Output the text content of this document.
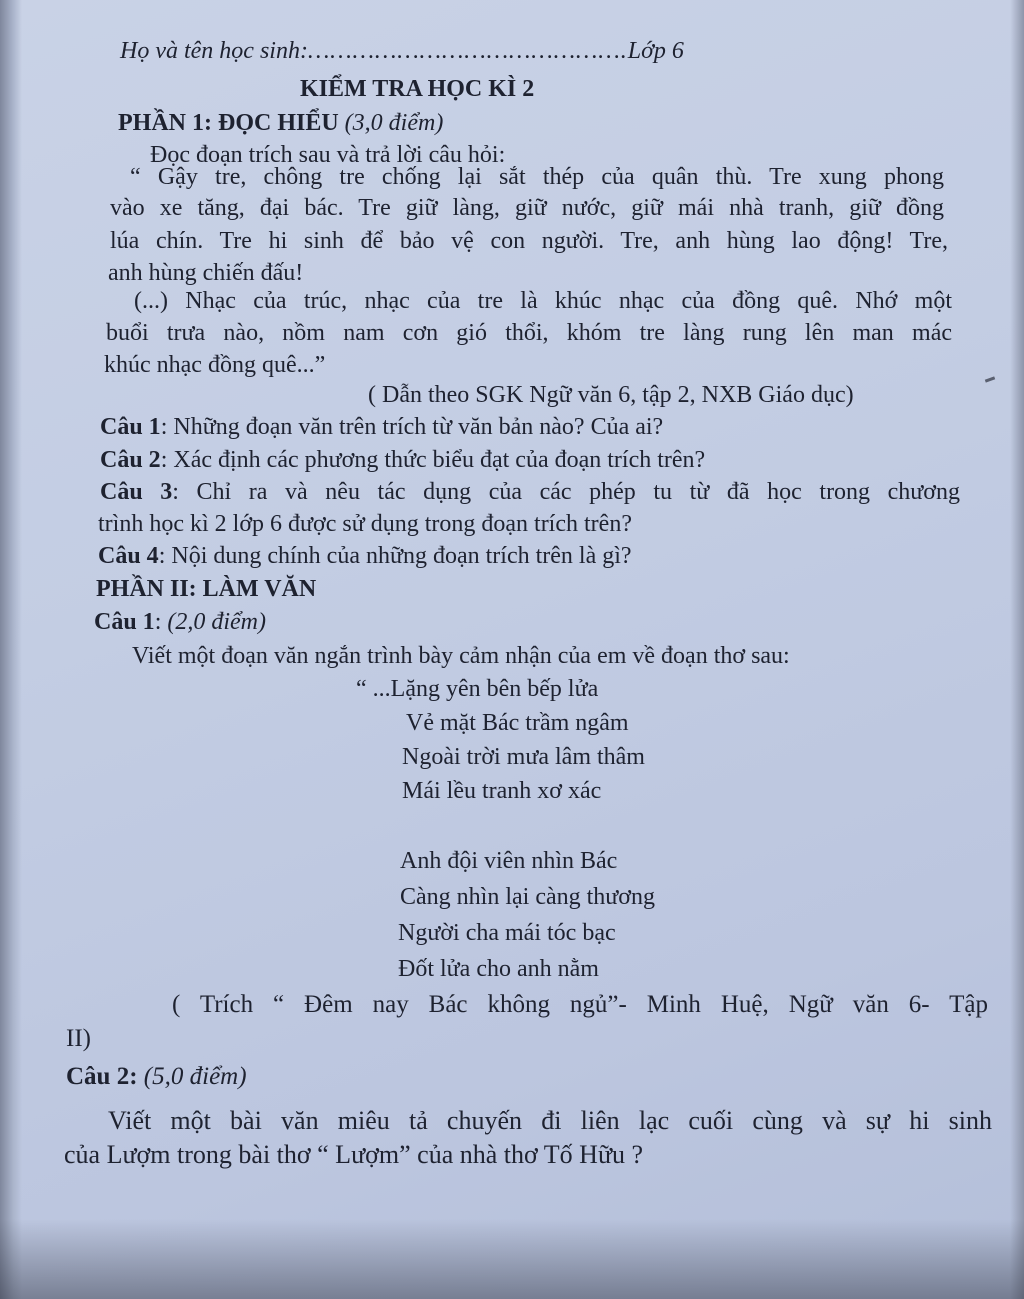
Họ và tên học sinh:…………………………………….Lớp 6
KIỂM TRA HỌC KÌ 2
PHẦN 1: ĐỌC HIỂU (3,0 điểm)
Đọc đoạn trích sau và trả lời câu hỏi:
“ Gậy tre, chông tre chống lại sắt thép của quân thù. Tre xung phong
vào xe tăng, đại bác. Tre giữ làng, giữ nước, giữ mái nhà tranh, giữ đồng
lúa chín. Tre hi sinh để bảo vệ con người. Tre, anh hùng lao động! Tre,
anh hùng chiến đấu!
(...) Nhạc của trúc, nhạc của tre là khúc nhạc của đồng quê. Nhớ một
buổi trưa nào, nồm nam cơn gió thổi, khóm tre làng rung lên man mác
khúc nhạc đồng quê...”
( Dẫn theo SGK Ngữ văn 6, tập 2, NXB Giáo dục)
Câu 1: Những đoạn văn trên trích từ văn bản nào? Của ai?
Câu 2: Xác định các phương thức biểu đạt của đoạn trích trên?
Câu 3: Chỉ ra và nêu tác dụng của các phép tu từ đã học trong chương
trình học kì 2 lớp 6 được sử dụng trong đoạn trích trên?
Câu 4: Nội dung chính của những đoạn trích trên là gì?
PHẦN II: LÀM VĂN
Câu 1: (2,0 điểm)
Viết một đoạn văn ngắn trình bày cảm nhận của em về đoạn thơ sau:
“ ...Lặng yên bên bếp lửa
Vẻ mặt Bác trầm ngâm
Ngoài trời mưa lâm thâm
Mái lều tranh xơ xác
Anh đội viên nhìn Bác
Càng nhìn lại càng thương
Người cha mái tóc bạc
Đốt lửa cho anh nằm
( Trích “ Đêm nay Bác không ngủ”- Minh Huệ, Ngữ văn 6- Tập
II)
Câu 2: (5,0 điểm)
Viết một bài văn miêu tả chuyến đi liên lạc cuối cùng và sự hi sinh
của Lượm trong bài thơ “ Lượm” của nhà thơ Tố Hữu ?
